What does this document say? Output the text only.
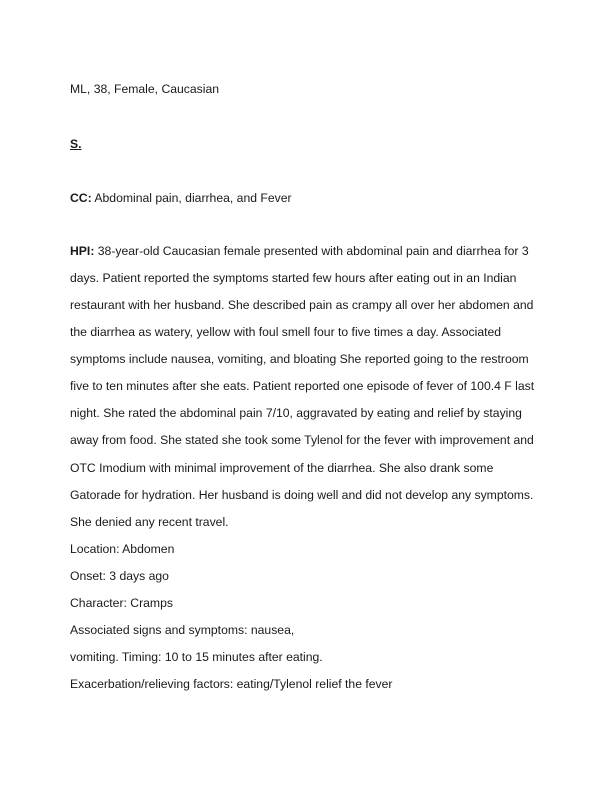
ML, 38, Female, Caucasian
S.
CC: Abdominal pain, diarrhea, and Fever
HPI: 38-year-old Caucasian female presented with abdominal pain and diarrhea for 3
days. Patient reported the symptoms started few hours after eating out in an Indian
restaurant with her husband. She described pain as crampy all over her abdomen and
the diarrhea as watery, yellow with foul smell four to five times a day. Associated
symptoms include nausea, vomiting, and bloating She reported going to the restroom
five to ten minutes after she eats. Patient reported one episode of fever of 100.4 F last
night. She rated the abdominal pain 7/10, aggravated by eating and relief by staying
away from food. She stated she took some Tylenol for the fever with improvement and
OTC Imodium with minimal improvement of the diarrhea. She also drank some
Gatorade for hydration. Her husband is doing well and did not develop any symptoms.
She denied any recent travel.
Location: Abdomen
Onset: 3 days ago
Character: Cramps
Associated signs and symptoms: nausea,
vomiting. Timing: 10 to 15 minutes after eating.
Exacerbation/relieving factors: eating/Tylenol relief the fever
